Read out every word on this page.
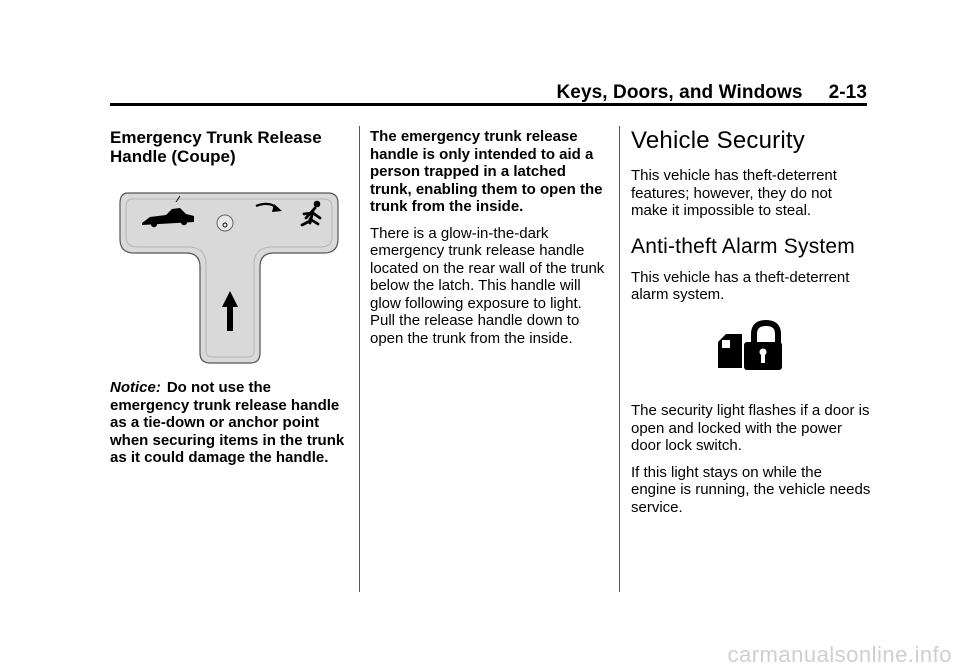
Keys, Doors, and Windows 2-13
Emergency Trunk Release
Handle (Coupe)
Notice: Do not use the emergency trunk release handle as a tie-down or anchor point when securing items in the trunk as it could damage the handle.

The emergency trunk release handle is only intended to aid a person trapped in a latched trunk, enabling them to open the trunk from the inside.

There is a glow-in-the-dark emergency trunk release handle located on the rear wall of the trunk below the latch. This handle will glow following exposure to light. Pull the release handle down to open the trunk from the inside.

Vehicle Security

This vehicle has theft-deterrent features; however, they do not make it impossible to steal.

Anti-theft Alarm System

This vehicle has a theft-deterrent alarm system.

The security light flashes if a door is open and locked with the power door lock switch.

If this light stays on while the engine is running, the vehicle needs service.

carmanualsonline.info
